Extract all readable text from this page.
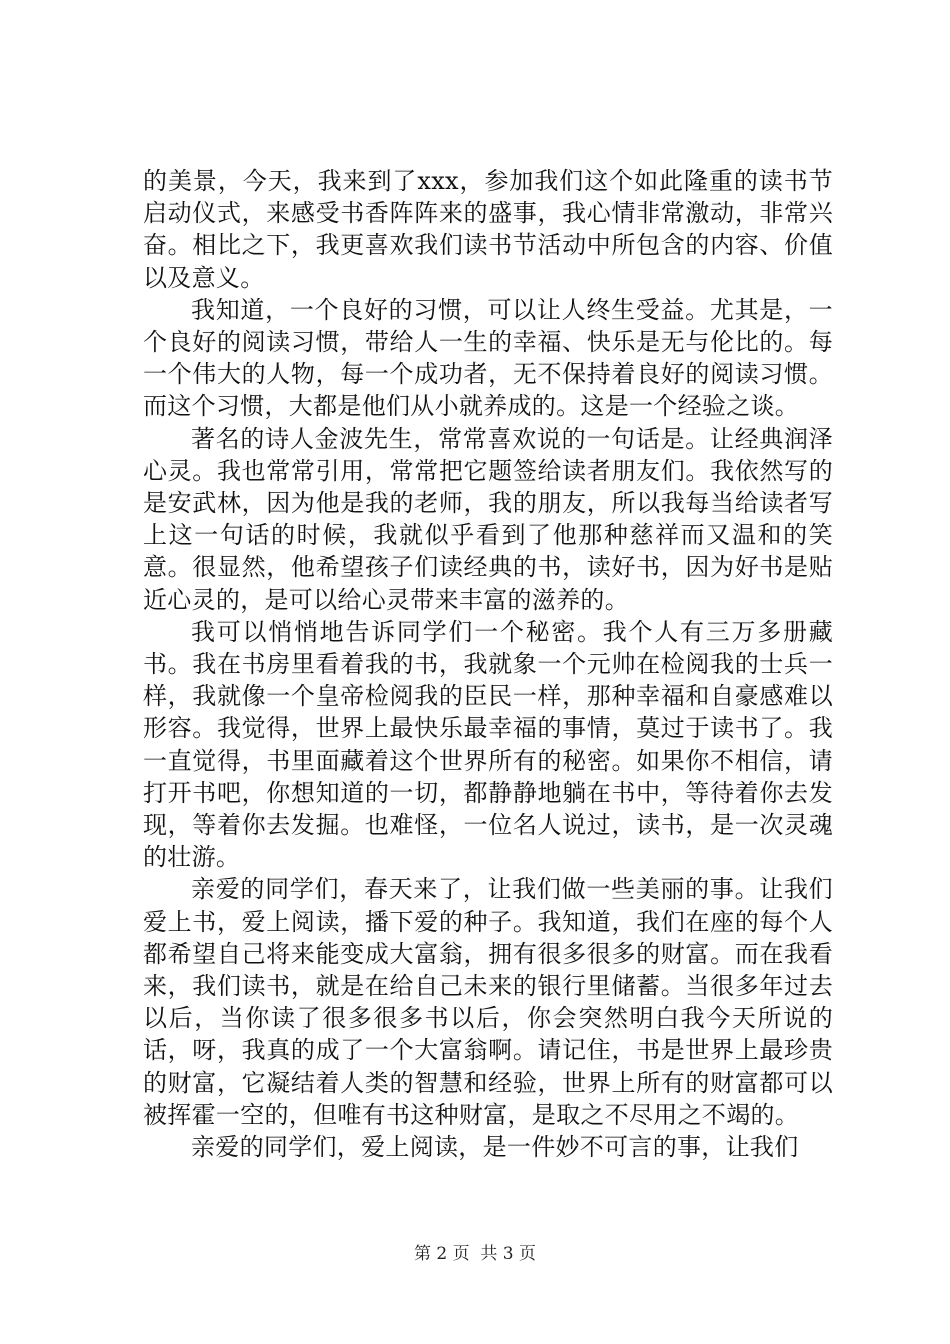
的美景，今天，我来到了xxx，参加我们这个如此隆重的读书节启动仪式，来感受书香阵阵来的盛事，我心情非常激动，非常兴奋。相比之下，我更喜欢我们读书节活动中所包含的内容、价值以及意义。

我知道，一个良好的习惯，可以让人终生受益。尤其是，一个良好的阅读习惯，带给人一生的幸福、快乐是无与伦比的。每一个伟大的人物，每一个成功者，无不保持着良好的阅读习惯。而这个习惯，大都是他们从小就养成的。这是一个经验之谈。

著名的诗人金波先生，常常喜欢说的一句话是。让经典润泽心灵。我也常常引用，常常把它题签给读者朋友们。我依然写的是安武林，因为他是我的老师，我的朋友，所以我每当给读者写上这一句话的时候，我就似乎看到了他那种慈祥而又温和的笑意。很显然，他希望孩子们读经典的书，读好书，因为好书是贴近心灵的，是可以给心灵带来丰富的滋养的。

我可以悄悄地告诉同学们一个秘密。我个人有三万多册藏书。我在书房里看着我的书，我就象一个元帅在检阅我的士兵一样，我就像一个皇帝检阅我的臣民一样，那种幸福和自豪感难以形容。我觉得，世界上最快乐最幸福的事情，莫过于读书了。我一直觉得，书里面藏着这个世界所有的秘密。如果你不相信，请打开书吧，你想知道的一切，都静静地躺在书中，等待着你去发现，等着你去发掘。也难怪，一位名人说过，读书，是一次灵魂的壮游。

亲爱的同学们，春天来了，让我们做一些美丽的事。让我们爱上书，爱上阅读，播下爱的种子。我知道，我们在座的每个人都希望自己将来能变成大富翁，拥有很多很多的财富。而在我看来，我们读书，就是在给自己未来的银行里储蓄。当很多年过去以后，当你读了很多很多书以后，你会突然明白我今天所说的话，呀，我真的成了一个大富翁啊。请记住，书是世界上最珍贵的财富，它凝结着人类的智慧和经验，世界上所有的财富都可以被挥霍一空的，但唯有书这种财富，是取之不尽用之不竭的。

亲爱的同学们，爱上阅读，是一件妙不可言的事，让我们

第 2 页  共 3 页
